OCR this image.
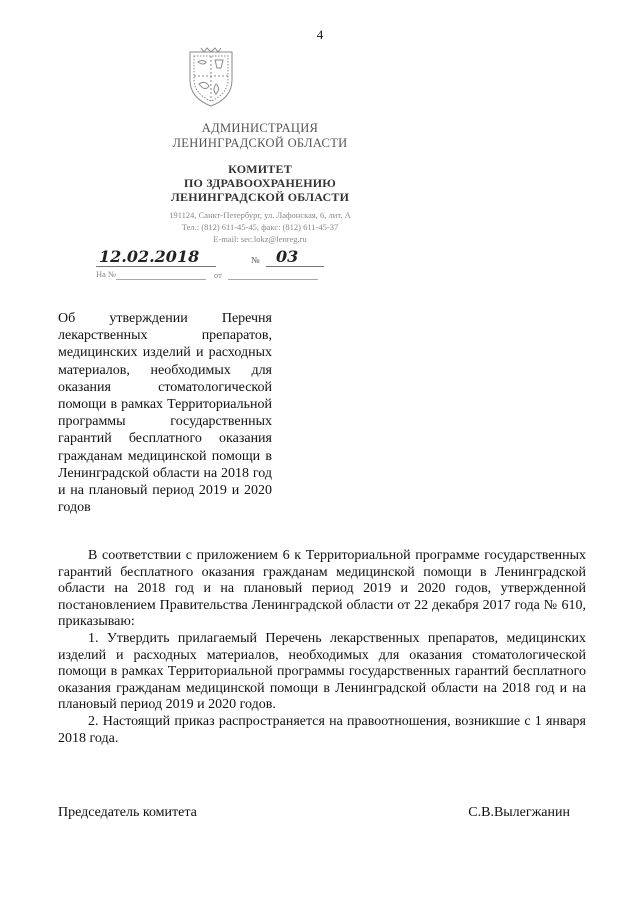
4
АДМИНИСТРАЦИЯ
ЛЕНИНГРАДСКОЙ ОБЛАСТИ
КОМИТЕТ
ПО ЗДРАВООХРАНЕНИЮ
ЛЕНИНГРАДСКОЙ ОБЛАСТИ
191124, Санкт-Петербург, ул. Лафонская, 6, лит. А
Тел.: (812) 611-45-45, факс: (812) 611-45-37
E-mail: sec.lokz@lenreg.ru
12.02.2018	№ 03
На №	от
Об утверждении Перечня лекарственных препаратов, медицинских изделий и расходных материалов, необходимых для оказания стоматологической помощи в рамках Территориальной программы государственных гарантий бесплатного оказания гражданам медицинской помощи в Ленинградской области на 2018 год и на плановый период 2019 и 2020 годов

В соответствии с приложением 6 к Территориальной программе государственных гарантий бесплатного оказания гражданам медицинской помощи в Ленинградской области на 2018 год и на плановый период 2019 и 2020 годов, утвержденной постановлением Правительства Ленинградской области от 22 декабря 2017 года № 610, приказываю:

1. Утвердить прилагаемый Перечень лекарственных препаратов, медицинских изделий и расходных материалов, необходимых для оказания стоматологической помощи в рамках Территориальной программы государственных гарантий бесплатного оказания гражданам медицинской помощи в Ленинградской области на 2018 год и на плановый период 2019 и 2020 годов.

2. Настоящий приказ распространяется на правоотношения, возникшие с 1 января 2018 года.

Председатель комитета	С.В.Вылегжанин
